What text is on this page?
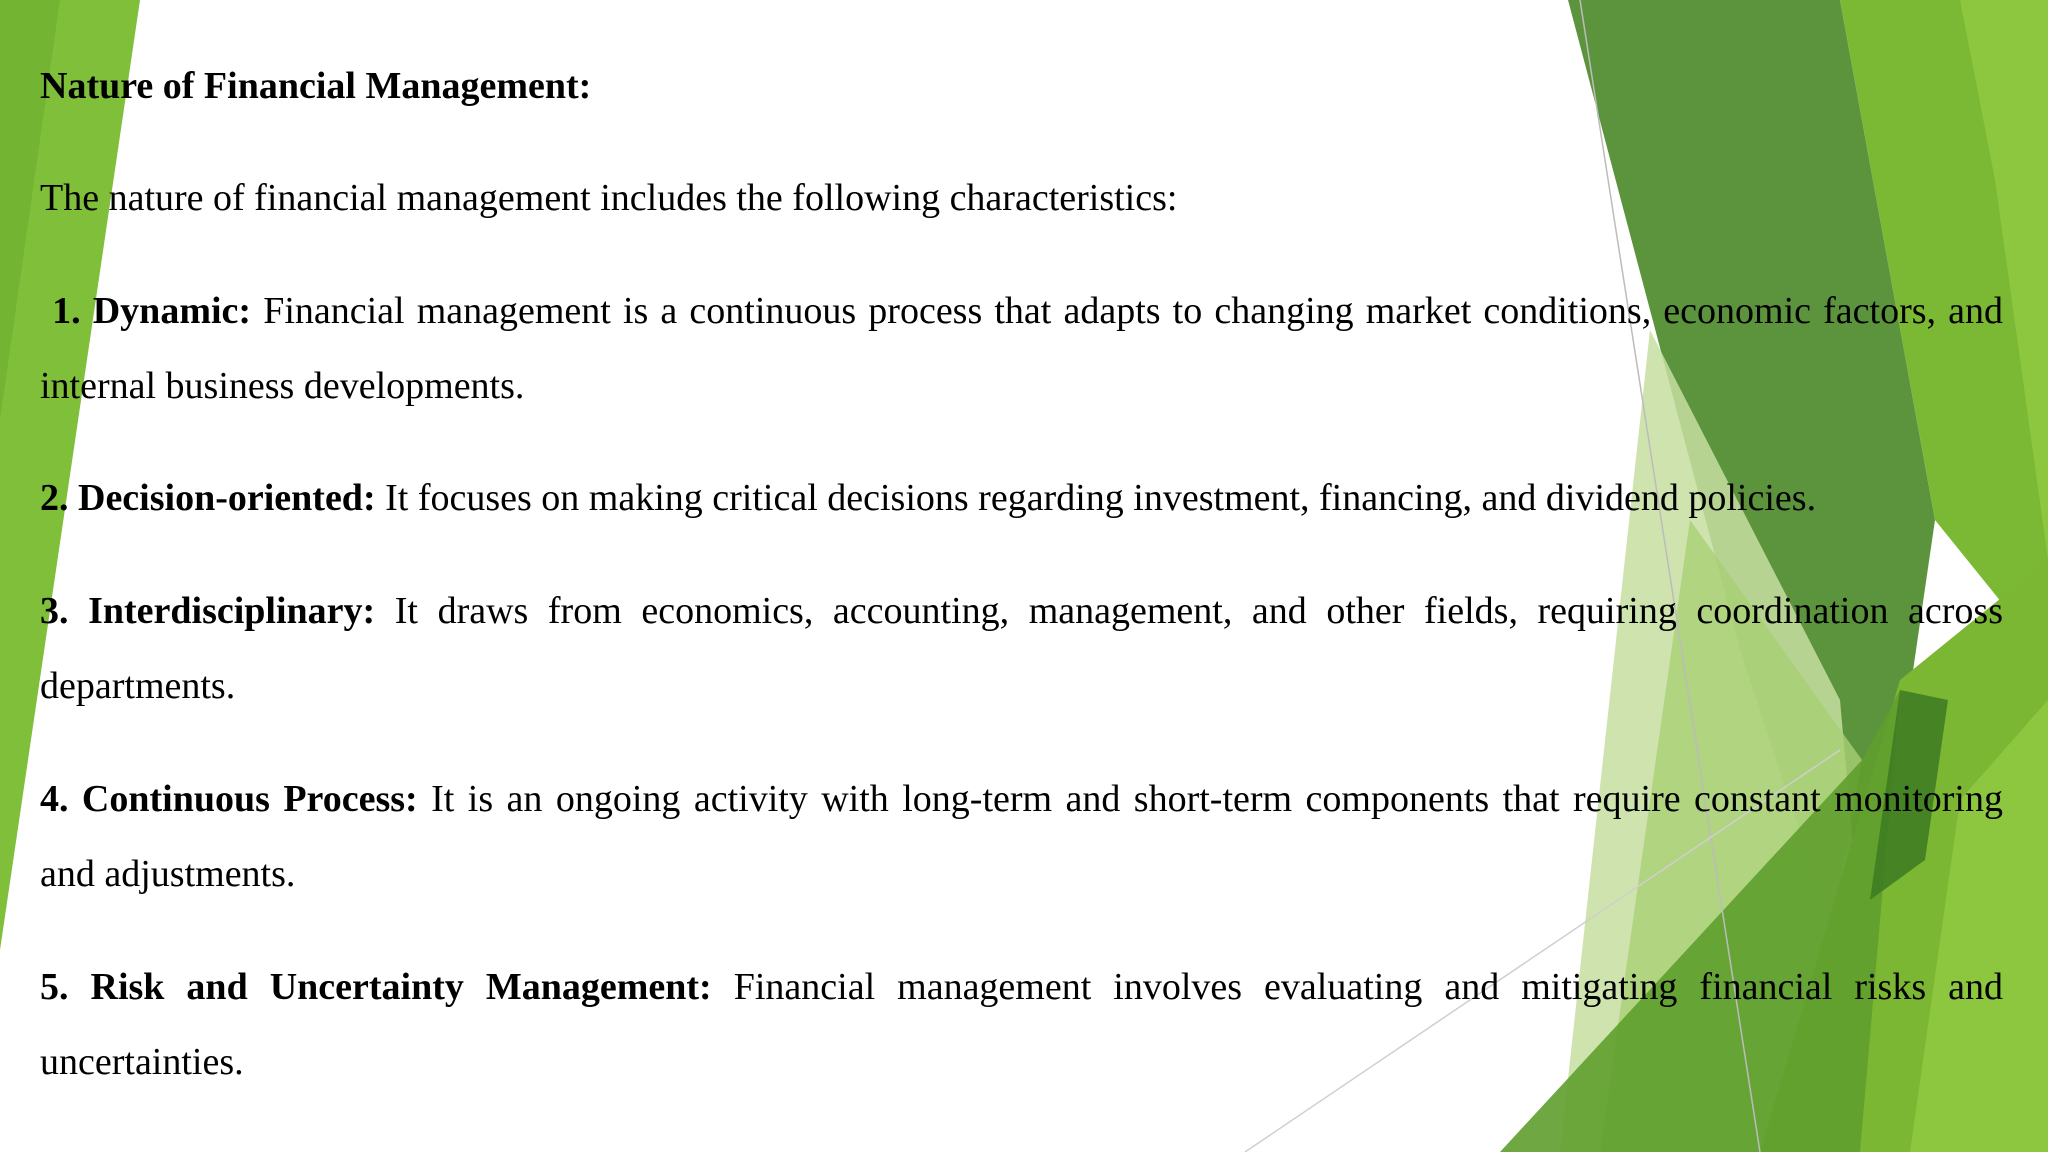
Nature of Financial Management:
The nature of financial management includes the following characteristics:
1. Dynamic: Financial management is a continuous process that adapts to changing market conditions, economic factors, and internal business developments.
2. Decision-oriented: It focuses on making critical decisions regarding investment, financing, and dividend policies.
3. Interdisciplinary: It draws from economics, accounting, management, and other fields, requiring coordination across departments.
4. Continuous Process: It is an ongoing activity with long-term and short-term components that require constant monitoring and adjustments.
5. Risk and Uncertainty Management: Financial management involves evaluating and mitigating financial risks and uncertainties.
